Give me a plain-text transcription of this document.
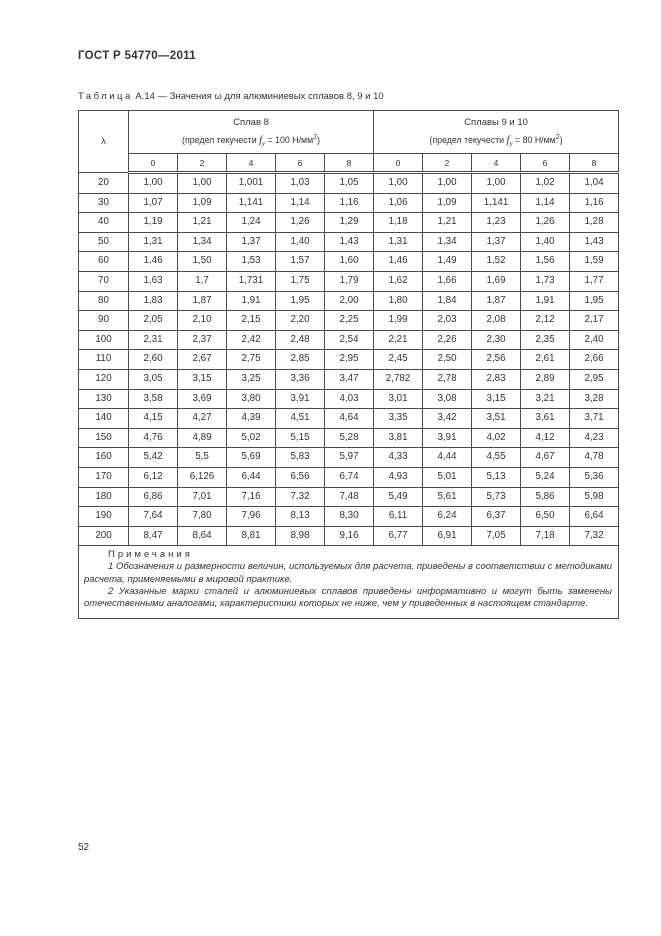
ГОСТ Р 54770—2011
Таблица А.14 — Значения ω для алюминиевых сплавов 8, 9 и 10
λ	
Сплав 8
(предел текучести $f_y = 100$ $Н/мм^2$)

Сплавы 9 и 10
(предел текучести $f_y = 80$ $Н/мм^2$)

	0	2	4	6	8	0	2	4	6	8
20	1,00	1,00	1,001	1,03	1,05	1,00	1,00	1,00	1,02	1,04
30	1,07	1,09	1,141	1,14	1,16	1,06	1,09	1,141	1,14	1,16
40	1,19	1,21	1,24	1,26	1,29	1,18	1,21	1,23	1,26	1,28
50	1,31	1,34	1,37	1,40	1,43	1,31	1,34	1,37	1,40	1,43
60	1,46	1,50	1,53	1,57	1,60	1,46	1,49	1,52	1,56	1,59
70	1,63	1,7	1,731	1,75	1,79	1,62	1,66	1,69	1,73	1,77
80	1,83	1,87	1,91	1,95	2,00	1,80	1,84	1,87	1,91	1,95
90	2,05	2,10	2,15	2,20	2,25	1,99	2,03	2,08	2,12	2,17
100	2,31	2,37	2,42	2,48	2,54	2,21	2,26	2,30	2,35	2,40
110	2,60	2,67	2,75	2,85	2,95	2,45	2,50	2,56	2,61	2,66
120	3,05	3,15	3,25	3,36	3,47	2,782	2,78	2,83	2,89	2,95
130	3,58	3,69	3,80	3,91	4,03	3,01	3,08	3,15	3,21	3,28
140	4,15	4,27	4,39	4,51	4,64	3,35	3,42	3,51	3,61	3,71
150	4,76	4,89	5,02	5,15	5,28	3,81	3,91	4,02	4,12	4,23
160	5,42	5,5	5,69	5,83	5,97	4,33	4,44	4,55	4,67	4,78
170	6,12	6,126	6,44	6,56	6,74	4,93	5,01	5,13	5,24	5,36
180	6,86	7,01	7,16	7,32	7,48	5,49	5,61	5,73	5,86	5,98
190	7,64	7,80	7,96	8,13	8,30	6,11	6,24	6,37	6,50	6,64
200	8,47	8,64	8,81	8,98	9,16	6,77	6,91	7,05	7,18	7,32

Примечания

1 Обозначения и размерности величин, используемых для расчета, приведены в соответствии с методиками расчета, применяемыми в мировой практике.

2 Указанные марки сталей и алюминиевых сплавов приведены информативно и могут быть заменены отечественными аналогами, характеристики которых не ниже, чем у приведенных в настоящем стандарте.										

52
